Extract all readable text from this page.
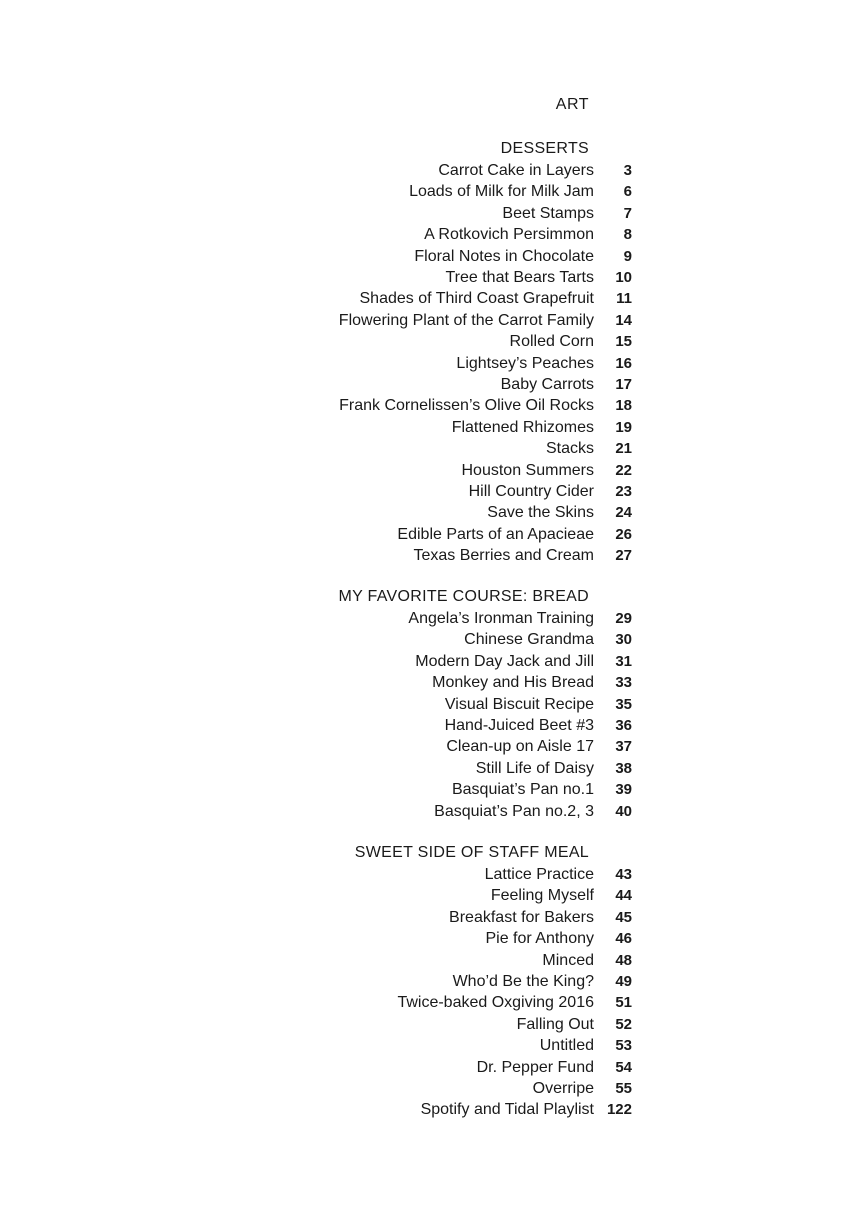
ART
DESSERTS
Carrot Cake in Layers 3
Loads of Milk for Milk Jam 6
Beet Stamps 7
A Rotkovich Persimmon 8
Floral Notes in Chocolate 9
Tree that Bears Tarts 10
Shades of Third Coast Grapefruit 11
Flowering Plant of the Carrot Family 14
Rolled Corn 15
Lightsey’s Peaches 16
Baby Carrots 17
Frank Cornelissen’s Olive Oil Rocks 18
Flattened Rhizomes 19
Stacks 21
Houston Summers 22
Hill Country Cider 23
Save the Skins 24
Edible Parts of an Apacieae 26
Texas Berries and Cream 27
MY FAVORITE COURSE: BREAD
Angela’s Ironman Training 29
Chinese Grandma 30
Modern Day Jack and Jill 31
Monkey and His Bread 33
Visual Biscuit Recipe 35
Hand-Juiced Beet #3 36
Clean-up on Aisle 17 37
Still Life of Daisy 38
Basquiat’s Pan no.1 39
Basquiat’s Pan no.2, 3 40
SWEET SIDE OF STAFF MEAL
Lattice Practice 43
Feeling Myself 44
Breakfast for Bakers 45
Pie for Anthony 46
Minced 48
Who’d Be the King? 49
Twice-baked Oxgiving 2016 51
Falling Out 52
Untitled 53
Dr. Pepper Fund 54
Overripe 55
Spotify and Tidal Playlist 122
